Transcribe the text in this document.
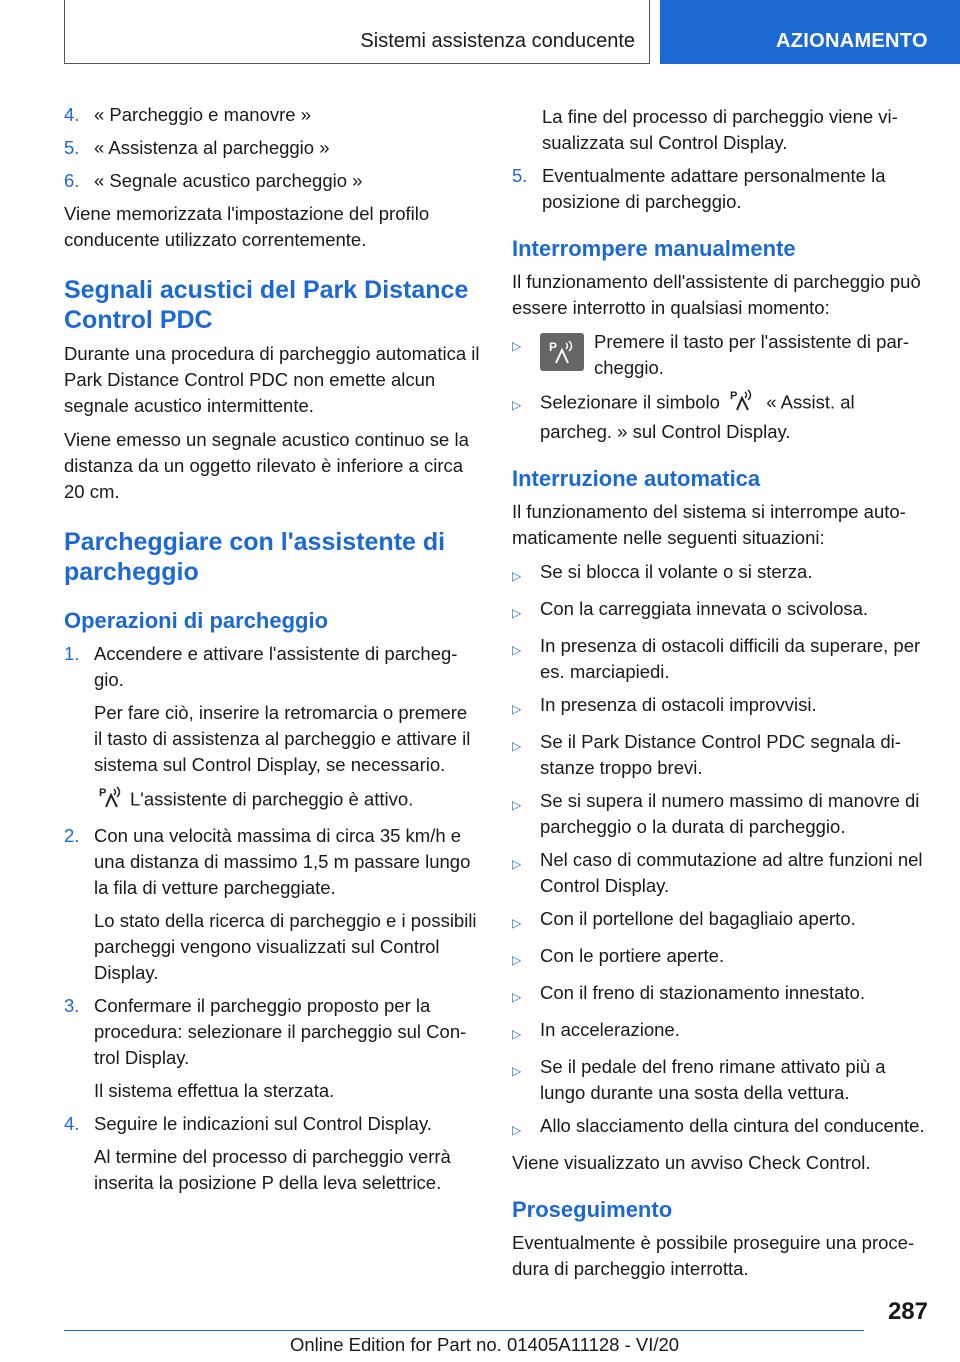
Sistemi assistenza conducente	AZIONAMENTO
4. « Parcheggio e manovre »
5. « Assistenza al parcheggio »
6. « Segnale acustico parcheggio »

Viene memorizzata l'impostazione del profilo conducente utilizzato correntemente.

Segnali acustici del Park Distance Control PDC

Durante una procedura di parcheggio automatica il Park Distance Control PDC non emette alcun segnale acustico intermittente.

Viene emesso un segnale acustico continuo se la distanza da un oggetto rilevato è inferiore a circa 20 cm.

Parcheggiare con l'assistente di parcheggio
Operazioni di parcheggio
1. Accendere e attivare l'assistente di parcheggio.

Per fare ciò, inserire la retromarcia o premere il tasto di assistenza al parcheggio e attivare il sistema sul Control Display, se necessario.

P L'assistente di parcheggio è attivo.

2. Con una velocità massima di circa 35 km/h e una distanza di massimo 1,5 m passare lungo la fila di vetture parcheggiate.

Lo stato della ricerca di parcheggio e i possibili parcheggi vengono visualizzati sul Control Display.

3. Confermare il parcheggio proposto per la procedura: selezionare il parcheggio sul Control Display.

Il sistema effettua la sterzata.

4. Seguire le indicazioni sul Control Display.

Al termine del processo di parcheggio verrà inserita la posizione P della leva selettrice.

La fine del processo di parcheggio viene visualizzata sul Control Display.
5. Eventualmente adattare personalmente la posizione di parcheggio.
Interrompere manualmente

Il funzionamento dell'assistente di parcheggio può essere interrotto in qualsiasi momento:

▷	P Premere il tasto per l'assistente di parcheggio.
▷	Selezionare il simbolo P « Assist. al parcheg. » sul Control Display.
Interruzione automatica

Il funzionamento del sistema si interrompe automaticamente nelle seguenti situazioni:

▷	Se si blocca il volante o si sterza.
▷	Con la carreggiata innevata o scivolosa.
▷	In presenza di ostacoli difficili da superare, per es. marciapiedi.
▷	In presenza di ostacoli improvvisi.
▷	Se il Park Distance Control PDC segnala distanze troppo brevi.
▷	Se si supera il numero massimo di manovre di parcheggio o la durata di parcheggio.
▷	Nel caso di commutazione ad altre funzioni nel Control Display.
▷	Con il portellone del bagagliaio aperto.
▷	Con le portiere aperte.
▷	Con il freno di stazionamento innestato.
▷	In accelerazione.
▷	Se il pedale del freno rimane attivato più a lungo durante una sosta della vettura.
▷	Allo slacciamento della cintura del conducente.

Viene visualizzato un avviso Check Control.

Proseguimento

Eventualmente è possibile proseguire una procedura di parcheggio interrotta.

287
Online Edition for Part no. 01405A11128 - VI/20
